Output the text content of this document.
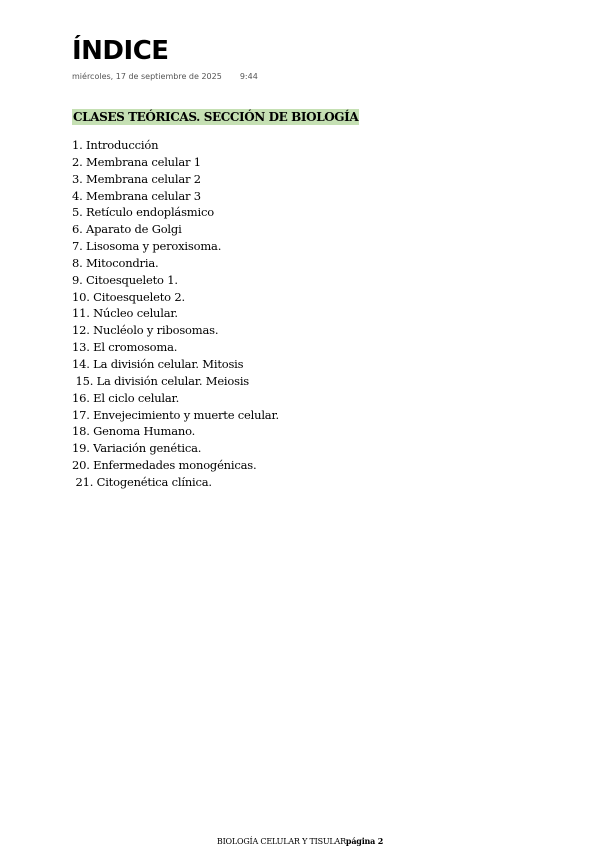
ÍNDICE
miércoles, 17 de septiembre de 2025 9:44
CLASES TEÓRICAS. SECCIÓN DE BIOLOGÍA
1. Introducción
2. Membrana celular 1
3. Membrana celular 2
4. Membrana celular 3
5. Retículo endoplásmico
6. Aparato de Golgi
7. Lisosoma y peroxisoma.
8. Mitocondria.
9. Citoesqueleto 1.
10. Citoesqueleto 2.
11. Núcleo celular.
12. Nucléolo y ribosomas.
13. El cromosoma.
14. La división celular. Mitosis
15. La división celular. Meiosis
16. El ciclo celular.
17. Envejecimiento y muerte celular.
18. Genoma Humano.
19. Variación genética.
20. Enfermedades monogénicas.
21. Citogenética clínica.
BIOLOGÍA CELULAR Y TISULARpágina 2
